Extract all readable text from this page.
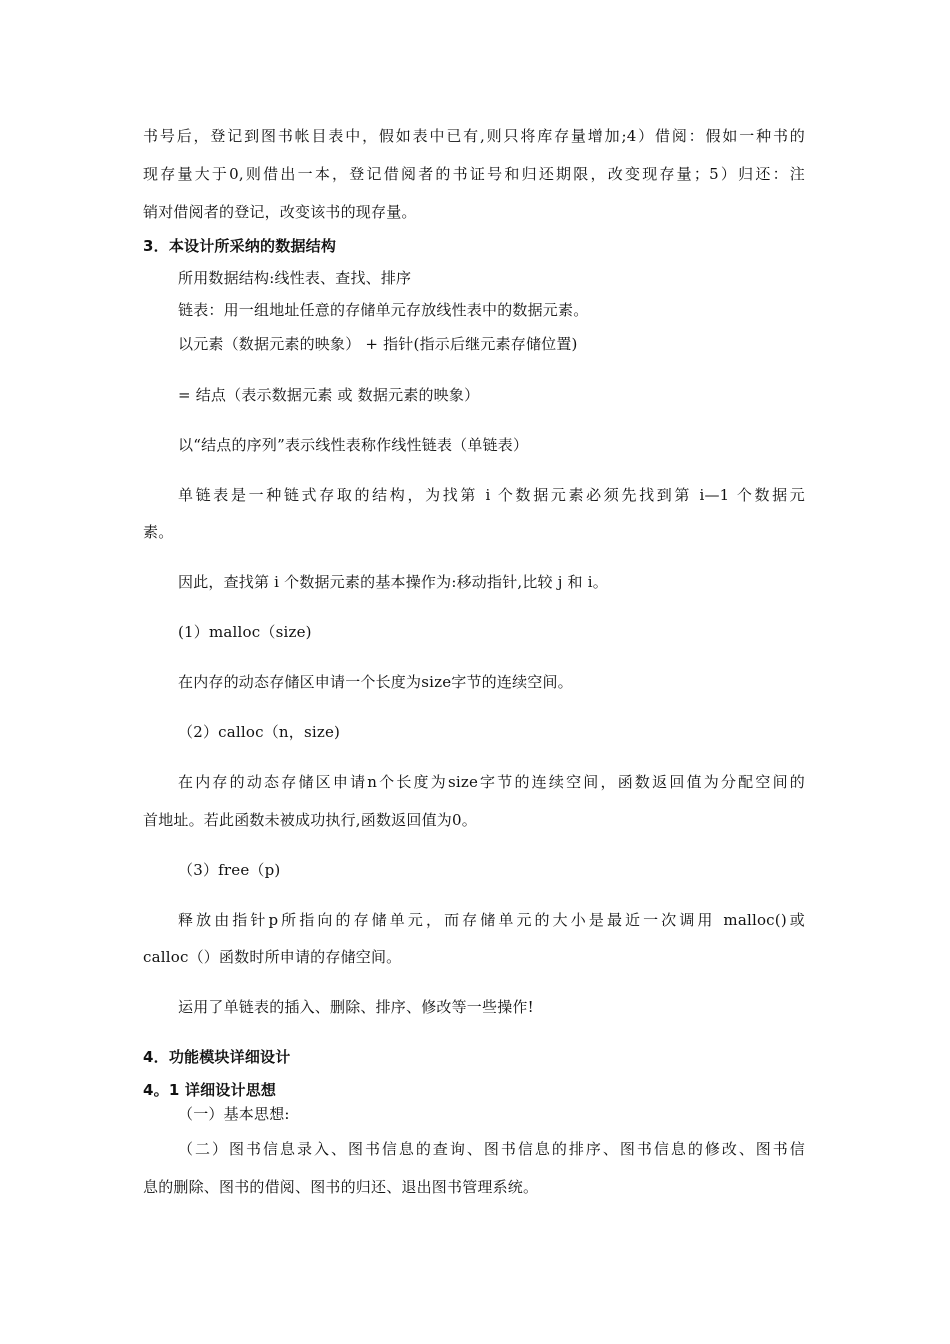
书号后，登记到图书帐目表中，假如表中已有,则只将库存量增加;4）借阅：假如一种书的
现存量大于0,则借出一本，登记借阅者的书证号和归还期限，改变现存量；5）归还：注
销对借阅者的登记，改变该书的现存量。
3．本设计所采纳的数据结构
所用数据结构:线性表、查找、排序
链表：用一组地址任意的存储单元存放线性表中的数据元素。
以元素（数据元素的映象） + 指针(指示后继元素存储位置)
= 结点（表示数据元素 或 数据元素的映象）
以“结点的序列”表示线性表称作线性链表（单链表）
单链表是一种链式存取的结构，为找第 i 个数据元素必须先找到第 i—1 个数据元
素。
因此，查找第 i 个数据元素的基本操作为:移动指针,比较 j 和 i。
(1）malloc（size)
在内存的动态存储区申请一个长度为size字节的连续空间。
（2）calloc（n，size)
在内存的动态存储区申请n个长度为size字节的连续空间，函数返回值为分配空间的
首地址。若此函数未被成功执行,函数返回值为0。
（3）free（p)
释放由指针p所指向的存储单元，而存储单元的大小是最近一次调用 malloc()或
calloc（）函数时所申请的存储空间。
运用了单链表的插入、删除、排序、修改等一些操作!
4．功能模块详细设计
4。1 详细设计思想
（一）基本思想:
（二）图书信息录入、图书信息的查询、图书信息的排序、图书信息的修改、图书信
息的删除、图书的借阅、图书的归还、退出图书管理系统。
